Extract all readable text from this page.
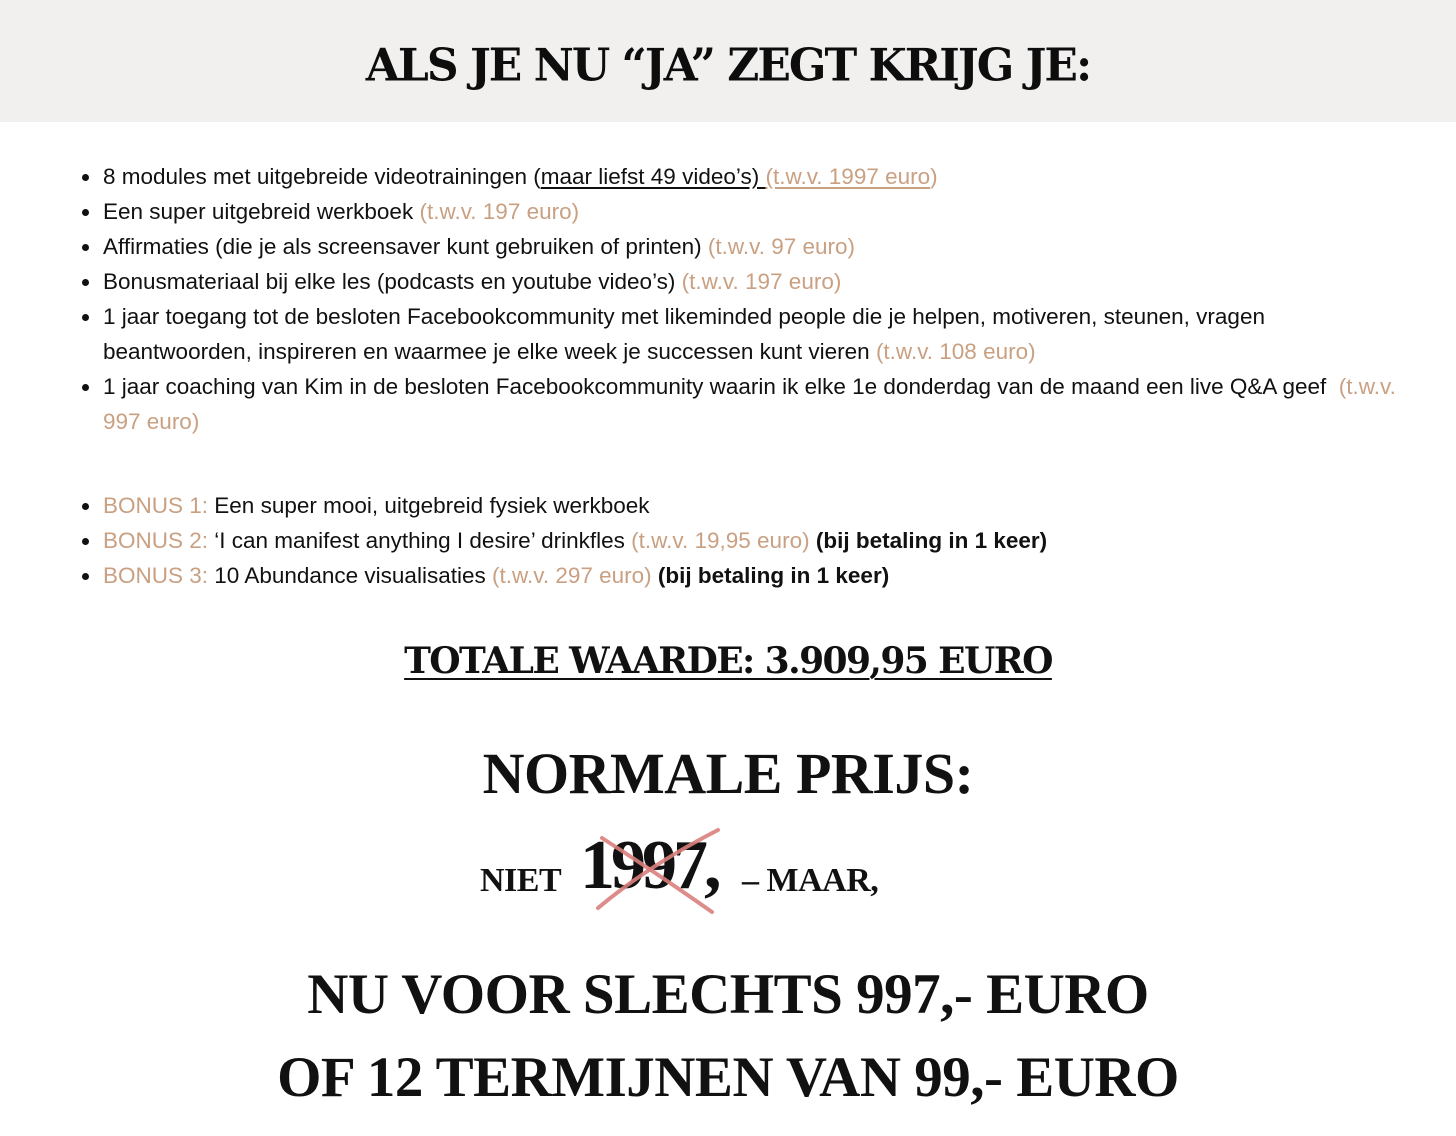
ALS JE NU “JA” ZEGT KRIJG JE:
8 modules met uitgebreide videotrainingen (maar liefst 49 video’s) (t.w.v. 1997 euro)
Een super uitgebreid werkboek (t.w.v. 197 euro)
Affirmaties (die je als screensaver kunt gebruiken of printen) (t.w.v. 97 euro)
Bonusmateriaal bij elke les (podcasts en youtube video’s) (t.w.v. 197 euro)
1 jaar toegang tot de besloten Facebookcommunity met likeminded people die je helpen, motiveren, steunen, vragen beantwoorden, inspireren en waarmee je elke week je successen kunt vieren (t.w.v. 108 euro)
1 jaar coaching van Kim in de besloten Facebookcommunity waarin ik elke 1e donderdag van de maand een live Q&A geef  (t.w.v. 997 euro)
BONUS 1: Een super mooi, uitgebreid fysiek werkboek
BONUS 2: ‘I can manifest anything I desire’ drinkfles (t.w.v. 19,95 euro) (bij betaling in 1 keer)
BONUS 3: 10 Abundance visualisaties (t.w.v. 297 euro) (bij betaling in 1 keer)
TOTALE WAARDE: 3.909,95 EURO
NORMALE PRIJS:
NIET 1997, – MAAR,
NU VOOR SLECHTS 997,- EURO
OF 12 TERMIJNEN VAN 99,- EURO
